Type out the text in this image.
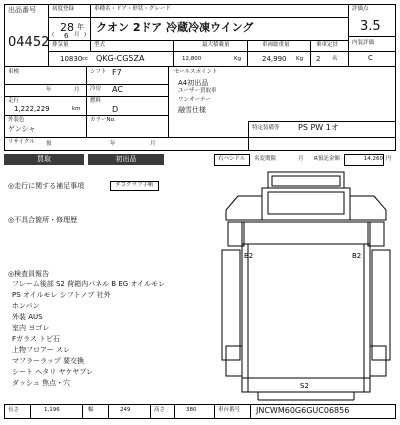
出品番号
04452
初度登録
28 年
( 6 月 )
車種名・ドア・形状・グレード
クオン 2ドア 冷蔵冷凍ウイング
評価点
3.5
内装評価
C
排気量
10830 cc
型式
QKG-CG5ZA
最大積載量
12,800	Kg
車両総重量
24,990 Kg
乗車定員
2 名
車検
年	月
シフト F7
冷房 AC
走行
1,222,229	km
燃料
D
外装色
ゲンシャ
カラーNo.
セールスポイント
A4初出品
ユーザー買取車
ワンオーナー
融雪仕様
特定装備等 PS PW 1オ
リサイクル 預	年	月
買取	初出品	右ハンドル	名変期限	月 R預託金額	14,260 円
◎走行に関する補足事項	タコグラフ手帳
◎不具合箇所・修理歴
◎検査員報告
フレーム後部 S2 荷箱内パネル B EG オイルモレ
PS オイルモレ シフトノブ 社外
ホンバン
外装 AUS
室内 ヨゴレ
Fガラス トビ石
上物フロアー スレ
マフラーラップ 要交換
シート ヘタリ ヤケヤブレ
ダッシュ 焦点・穴
B2	B2
S2
長さ	1,196	幅	249	高さ	380	車台番号 JNCWM60G6GUC06856
